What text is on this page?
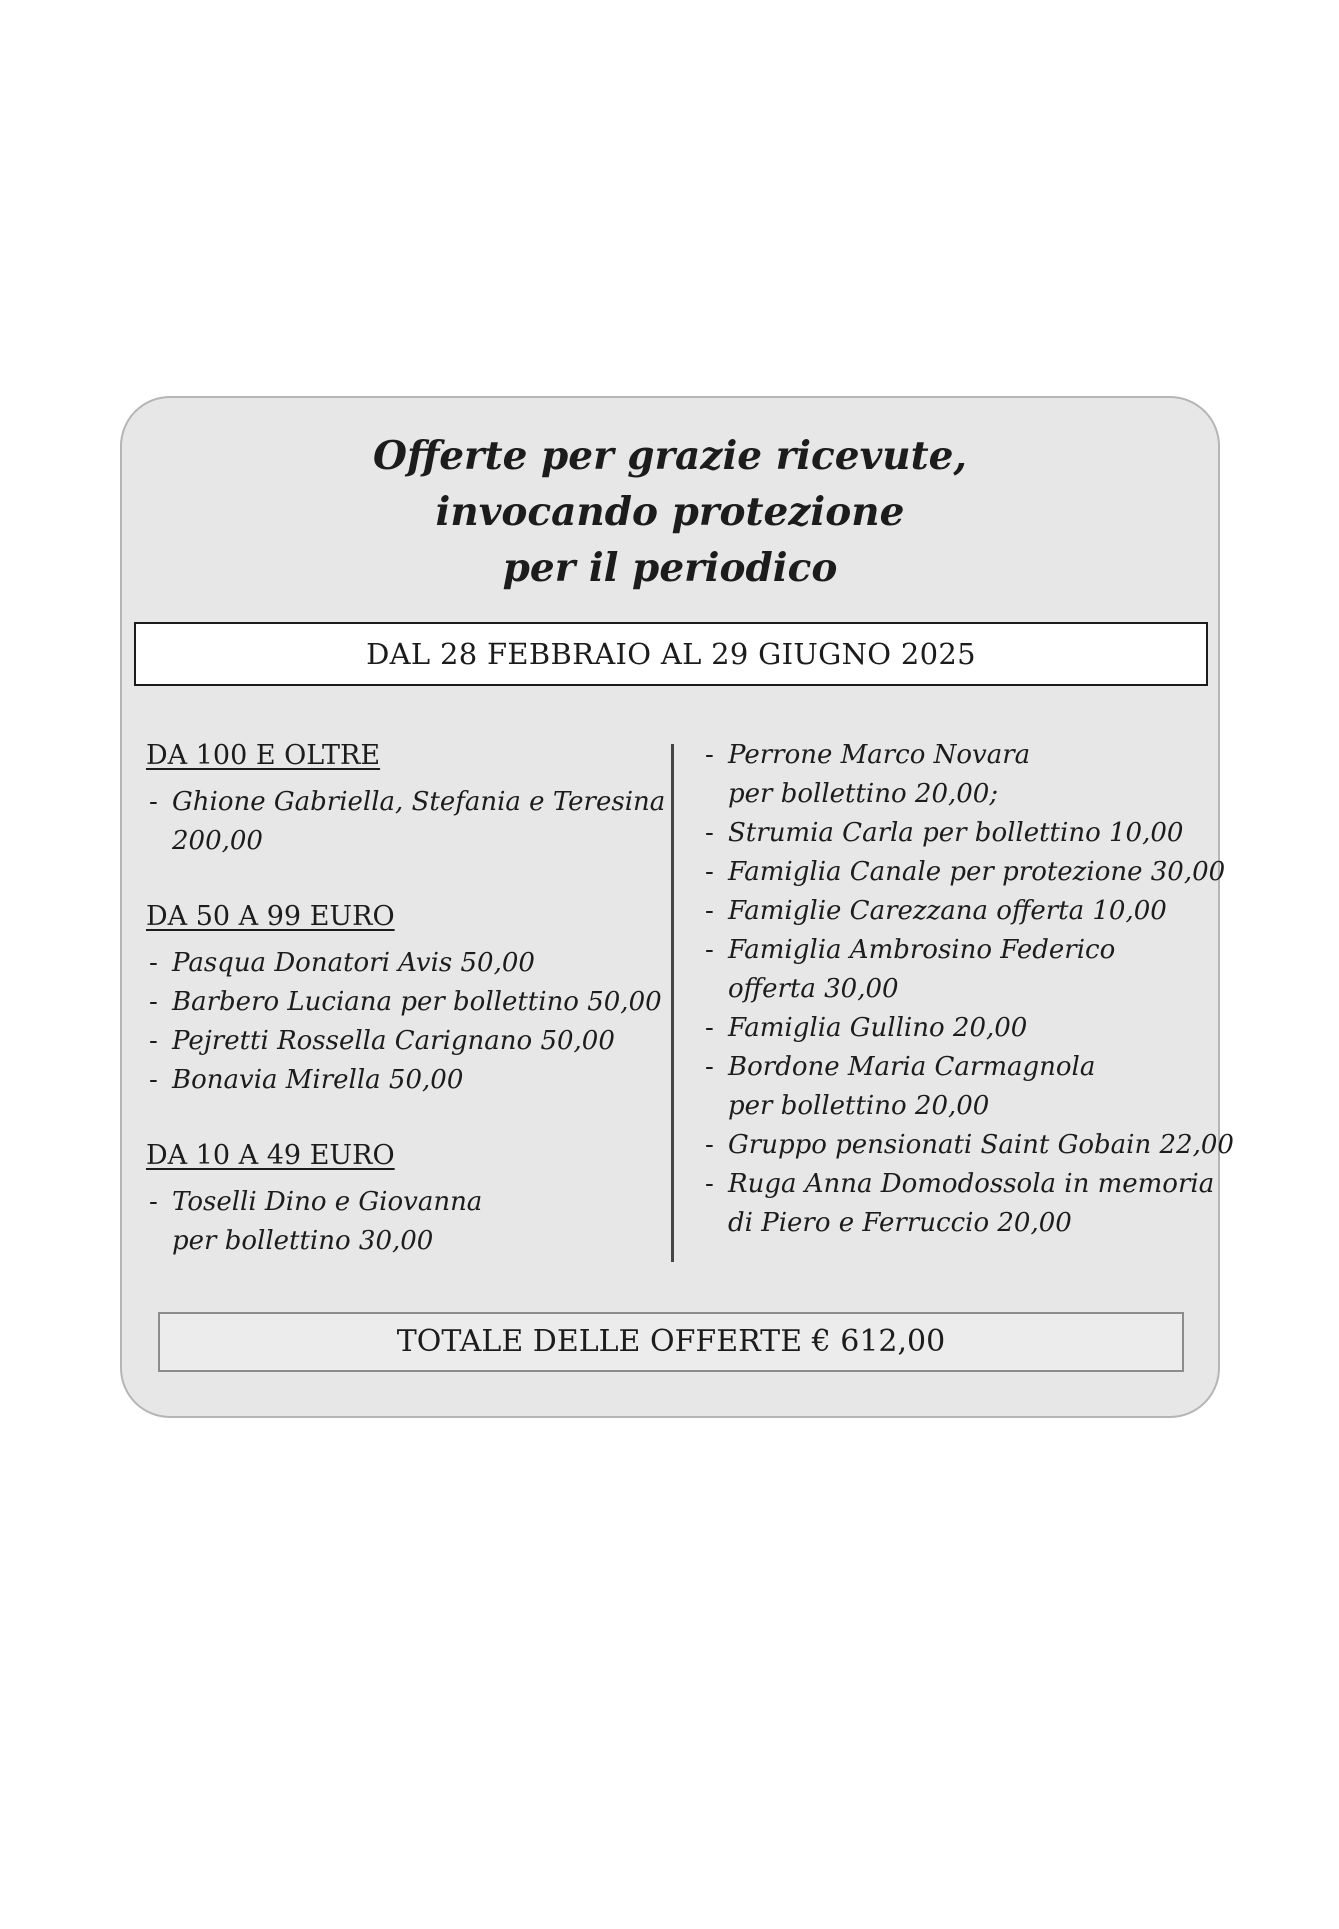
Offerte per grazie ricevute,
invocando protezione
per il periodico
DAL 28 FEBBRAIO AL 29 GIUGNO 2025
DA 100 E OLTRE
- Ghione Gabriella, Stefania e Teresina
200,00
DA 50 A 99 EURO
- Pasqua Donatori Avis 50,00
- Barbero Luciana per bollettino 50,00
- Pejretti Rossella Carignano 50,00
- Bonavia Mirella 50,00
DA 10 A 49 EURO
- Toselli Dino e Giovanna
per bollettino 30,00
- Perrone Marco Novara
per bollettino 20,00;
- Strumia Carla per bollettino 10,00
- Famiglia Canale per protezione 30,00
- Famiglie Carezzana offerta 10,00
- Famiglia Ambrosino Federico
offerta 30,00
- Famiglia Gullino 20,00
- Bordone Maria Carmagnola
per bollettino 20,00
- Gruppo pensionati Saint Gobain 22,00
- Ruga Anna Domodossola in memoria
di Piero e Ferruccio 20,00
TOTALE DELLE OFFERTE € 612,00
